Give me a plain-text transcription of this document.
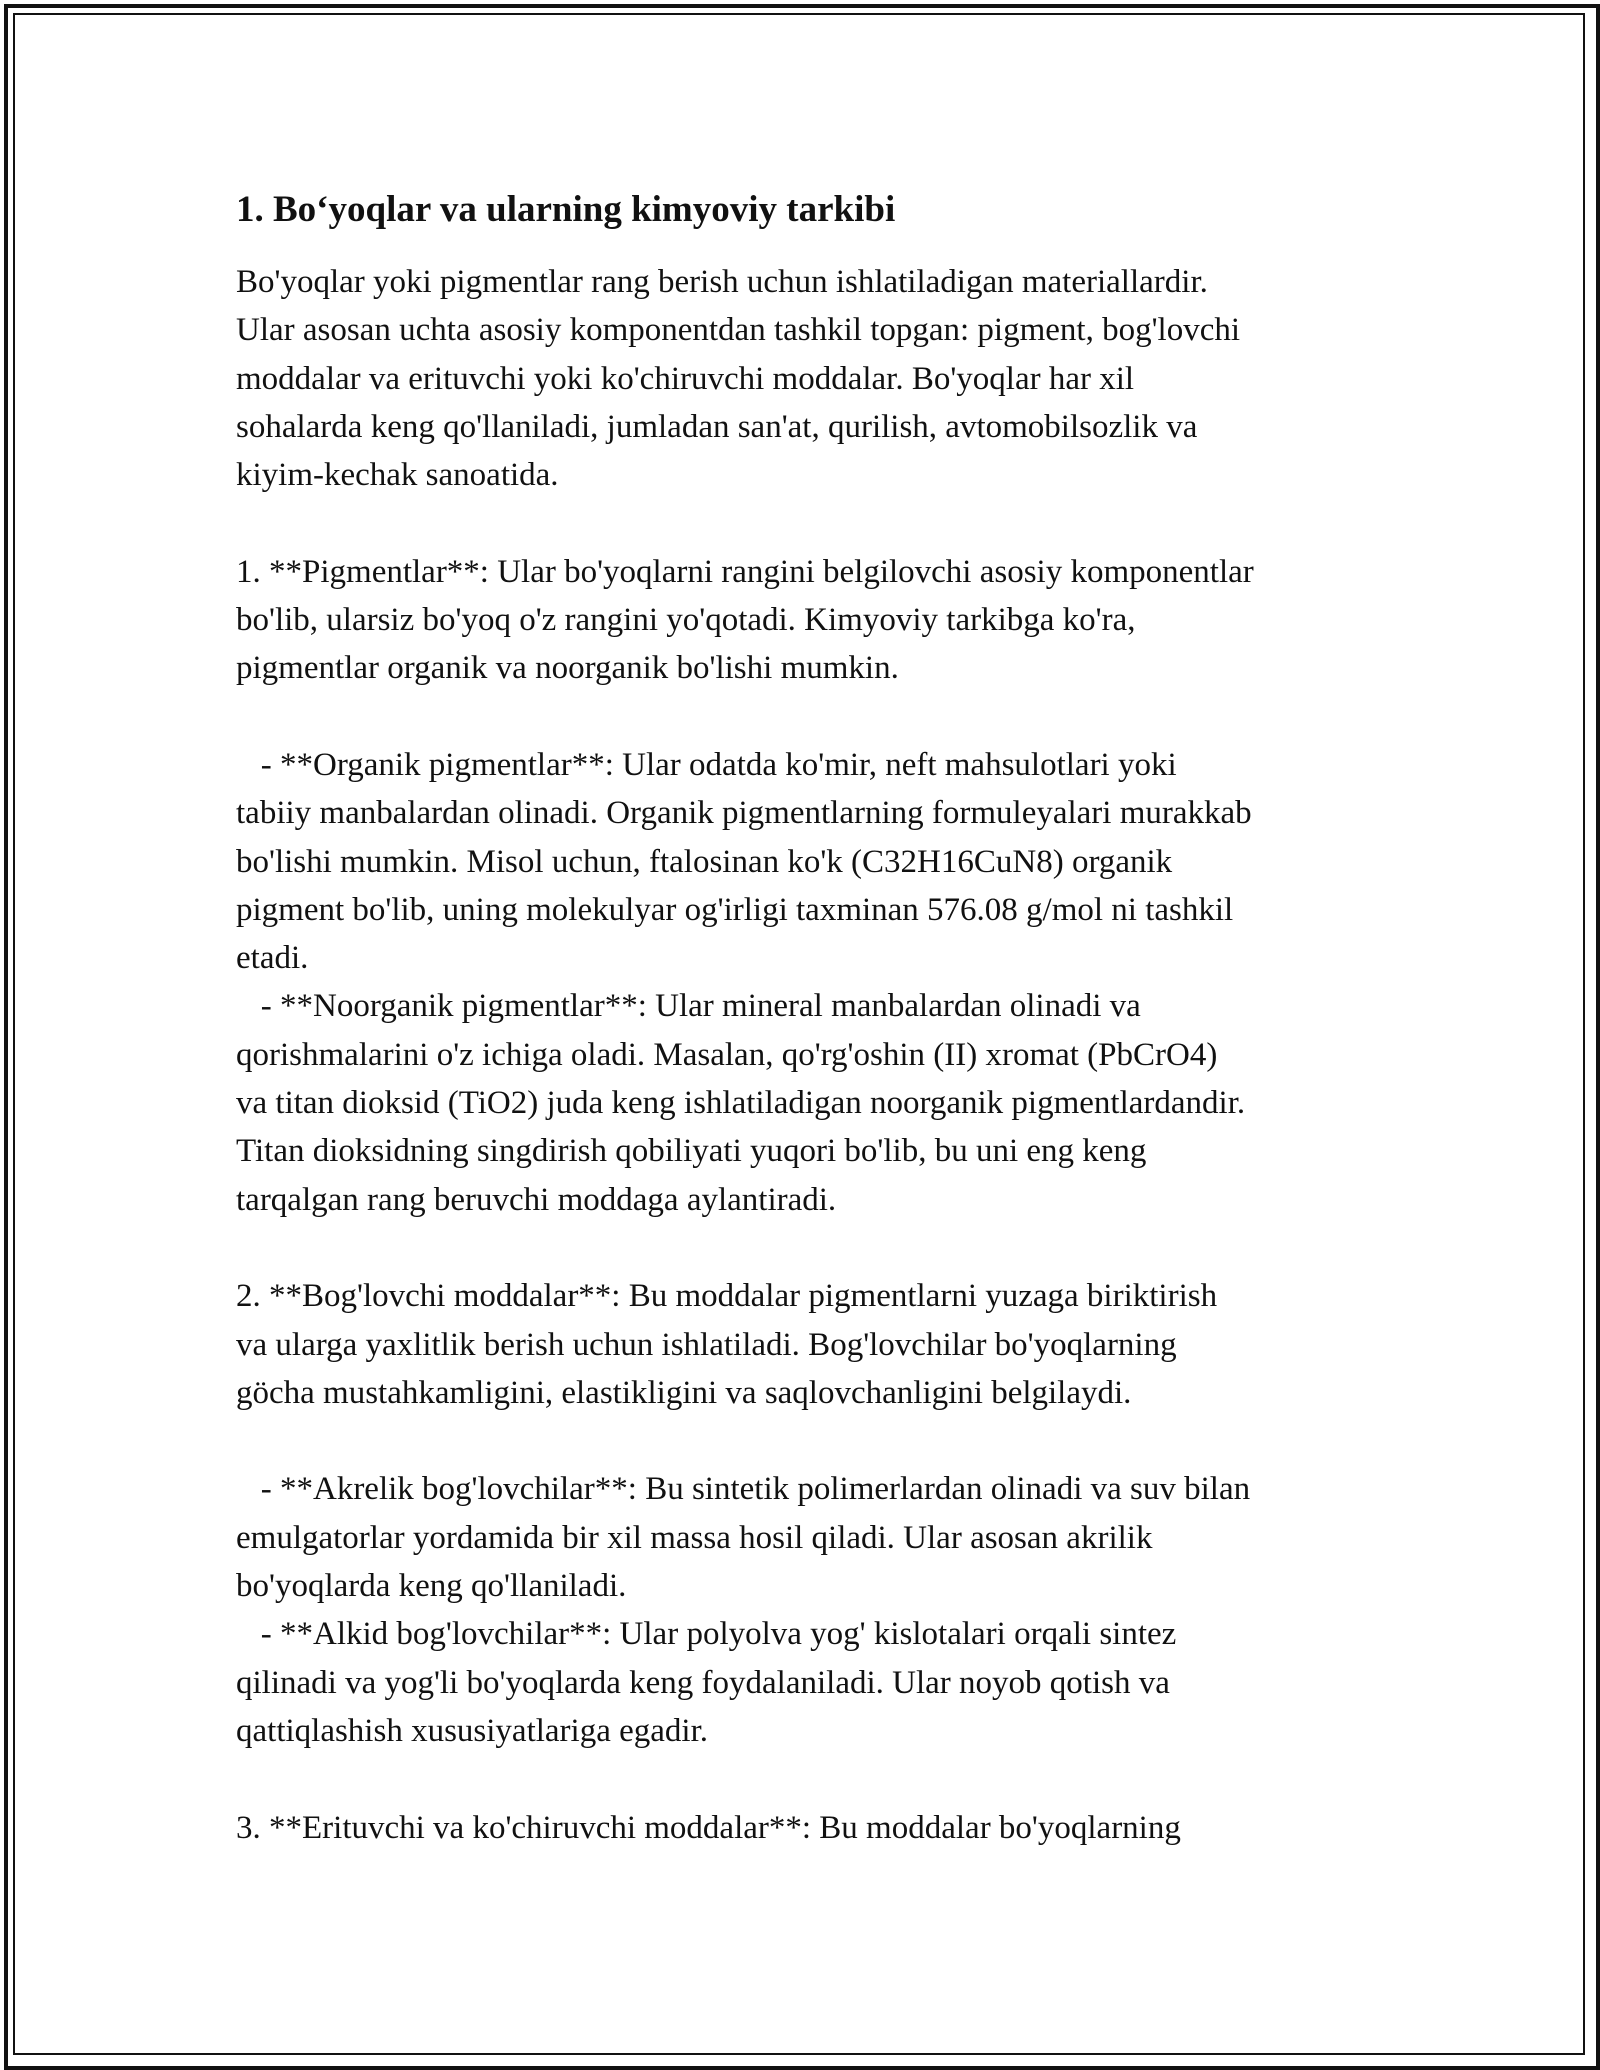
1. Bo‘yoqlar va ularning kimyoviy tarkibi
Bo'yoqlar yoki pigmentlar rang berish uchun ishlatiladigan materiallardir.
Ular asosan uchta asosiy komponentdan tashkil topgan: pigment, bog'lovchi
moddalar va erituvchi yoki ko'chiruvchi moddalar. Bo'yoqlar har xil
sohalarda keng qo'llaniladi, jumladan san'at, qurilish, avtomobilsozlik va
kiyim-kechak sanoatida.
1. **Pigmentlar**: Ular bo'yoqlarni rangini belgilovchi asosiy komponentlar
bo'lib, ularsiz bo'yoq o'z rangini yo'qotadi. Kimyoviy tarkibga ko'ra,
pigmentlar organik va noorganik bo'lishi mumkin.
- **Organik pigmentlar**: Ular odatda ko'mir, neft mahsulotlari yoki
tabiiy manbalardan olinadi. Organik pigmentlarning formuleyalari murakkab
bo'lishi mumkin. Misol uchun, ftalosinan ko'k (C32H16CuN8) organik
pigment bo'lib, uning molekulyar og'irligi taxminan 576.08 g/mol ni tashkil
etadi.
- **Noorganik pigmentlar**: Ular mineral manbalardan olinadi va
qorishmalarini o'z ichiga oladi. Masalan, qo'rg'oshin (II) xromat (PbCrO4)
va titan dioksid (TiO2) juda keng ishlatiladigan noorganik pigmentlardandir.
Titan dioksidning singdirish qobiliyati yuqori bo'lib, bu uni eng keng
tarqalgan rang beruvchi moddaga aylantiradi.
2. **Bog'lovchi moddalar**: Bu moddalar pigmentlarni yuzaga biriktirish
va ularga yaxlitlik berish uchun ishlatiladi. Bog'lovchilar bo'yoqlarning
göcha mustahkamligini, elastikligini va saqlovchanligini belgilaydi.
- **Akrelik bog'lovchilar**: Bu sintetik polimerlardan olinadi va suv bilan
emulgatorlar yordamida bir xil massa hosil qiladi. Ular asosan akrilik
bo'yoqlarda keng qo'llaniladi.
- **Alkid bog'lovchilar**: Ular polyolva yog' kislotalari orqali sintez
qilinadi va yog'li bo'yoqlarda keng foydalaniladi. Ular noyob qotish va
qattiqlashish xususiyatlariga egadir.
3. **Erituvchi va ko'chiruvchi moddalar**: Bu moddalar bo'yoqlarning
